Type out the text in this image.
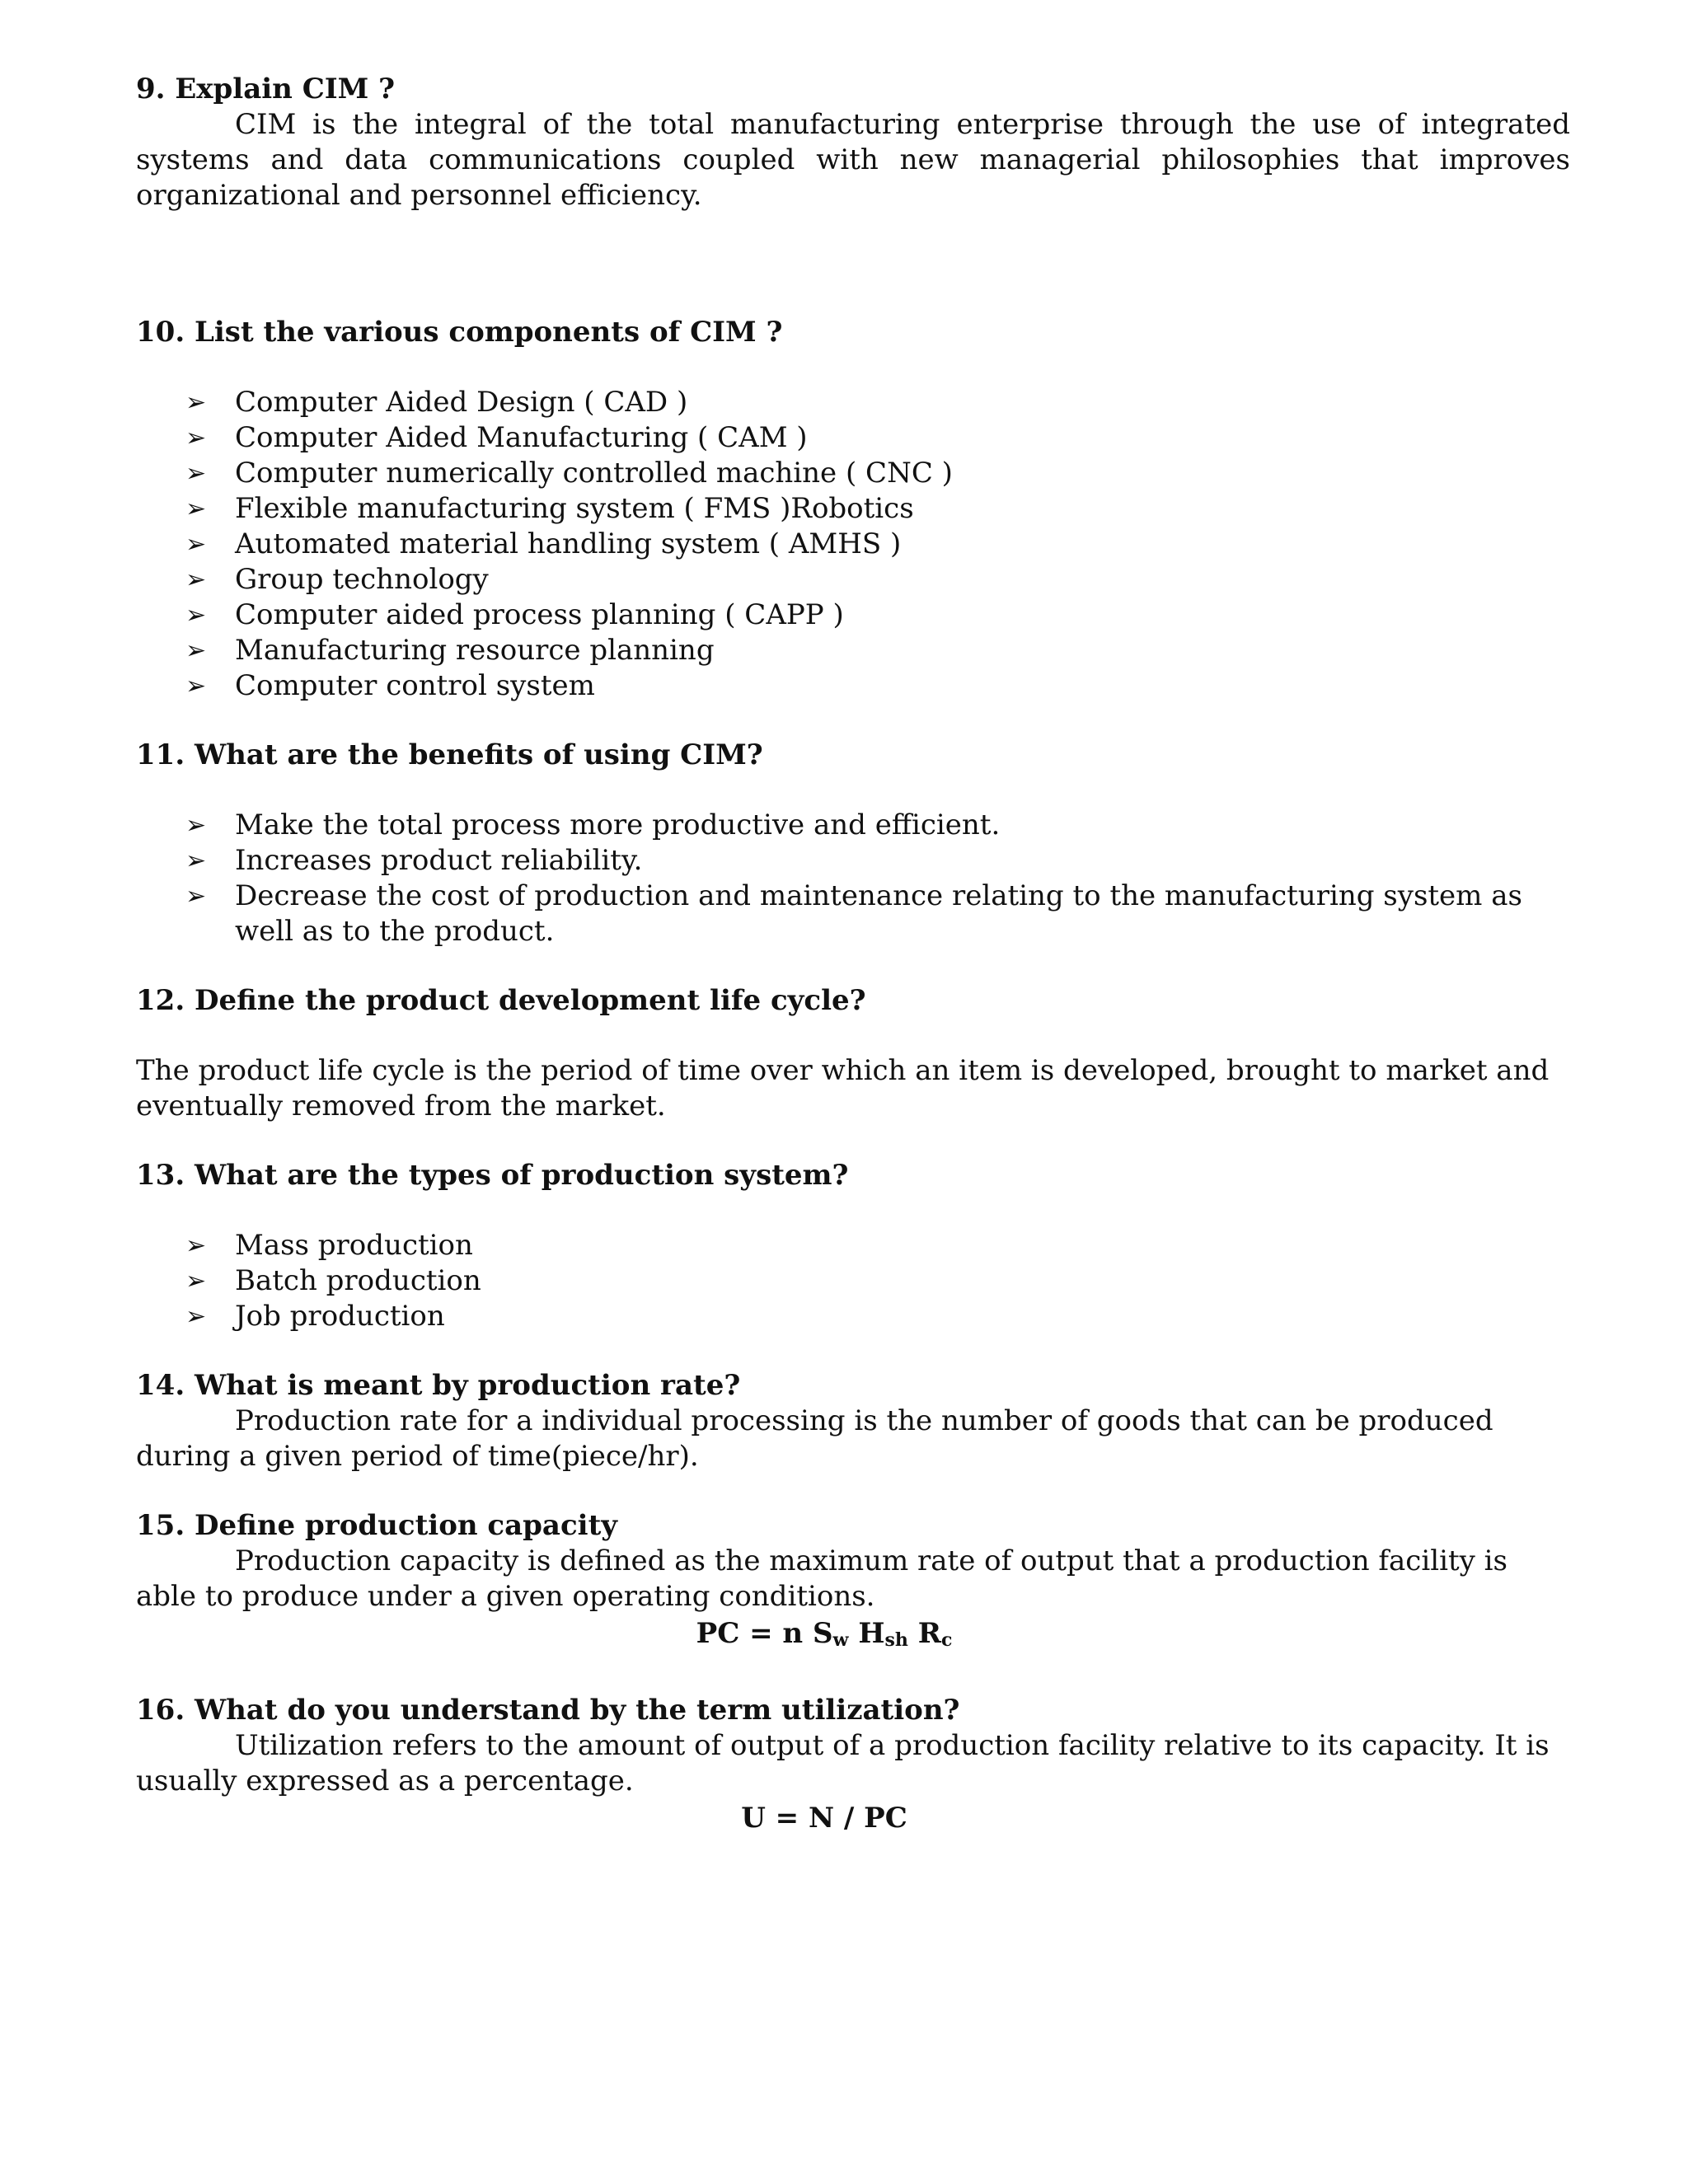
9. Explain CIM ?

CIM is the integral of the total manufacturing enterprise through the use of integrated systems and data communications coupled with new managerial philosophies that improves organizational and personnel efficiency.

10. List the various components of CIM ?
➢ Computer Aided Design ( CAD )
➢ Computer Aided Manufacturing ( CAM )
➢ Computer numerically controlled machine ( CNC )
➢ Flexible manufacturing system ( FMS )Robotics
➢ Automated material handling system ( AMHS )
➢ Group technology
➢ Computer aided process planning ( CAPP )
➢ Manufacturing resource planning
➢ Computer control system
11. What are the benefits of using CIM?
➢ Make the total process more productive and efficient.
➢ Increases product reliability.
➢ Decrease the cost of production and maintenance relating to the manufacturing system as well as to the product.
12. Define the product development life cycle?

The product life cycle is the period of time over which an item is developed, brought to market and eventually removed from the market.

13. What are the types of production system?
➢ Mass production
➢ Batch production
➢ Job production
14. What is meant by production rate?

Production rate for a individual processing is the number of goods that can be produced during a given period of time(piece/hr).

15. Define production capacity

Production capacity is defined as the maximum rate of output that a production facility is able to produce under a given operating conditions.

PC = n $S_w$ $H_{sh}$ $R_c$

16. What do you understand by the term utilization?

Utilization refers to the amount of output of a production facility relative to its capacity. It is usually expressed as a percentage.

U = N / PC
